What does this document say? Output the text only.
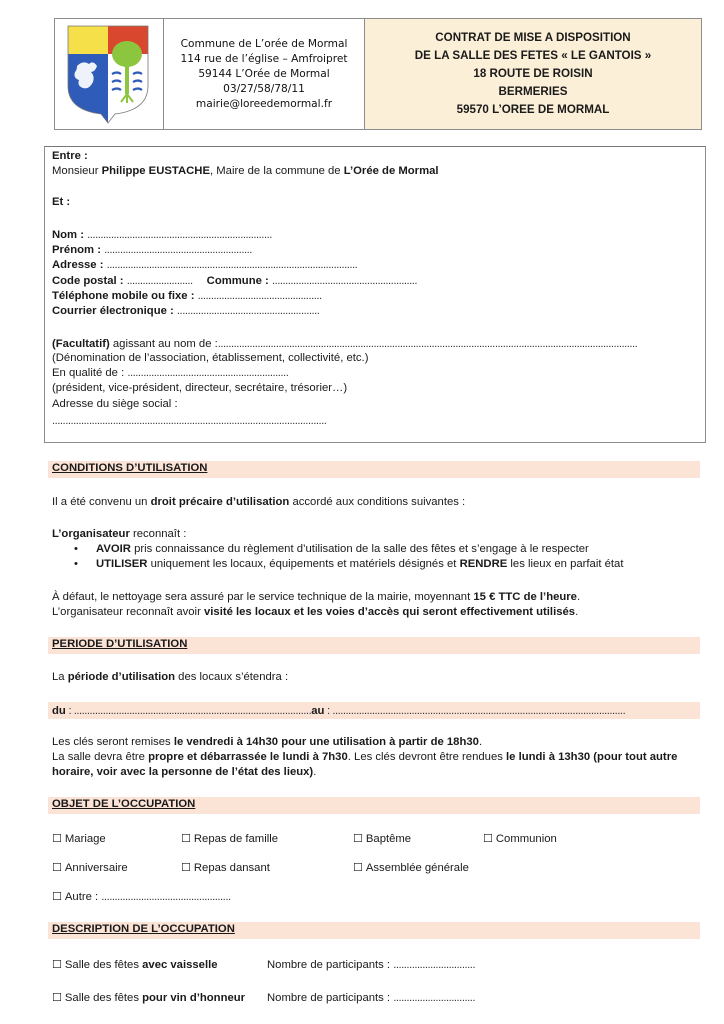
Commune de L’orée de Mormal
114 rue de l’église – Amfroipret
59144 L’Orée de Mormal
03/27/58/78/11
mairie@loreedemormal.fr
CONTRAT DE MISE A DISPOSITION
DE LA SALLE DES FETES « LE GANTOIS »
18 ROUTE DE ROISIN
BERMERIES
59570 L’OREE DE MORMAL
Entre :
Monsieur Philippe EUSTACHE, Maire de la commune de L’Orée de Mormal
Et :
Nom : ......................................................................
Prénom : ........................................................
Adresse : ...............................................................................................
Code postal : ......................... Commune : .......................................................
Téléphone mobile ou fixe : ...............................................
Courrier électronique : ......................................................
(Facultatif) agissant au nom de :...............................................................................................................................................................
(Dénomination de l’association, établissement, collectivité, etc.)
En qualité de : .............................................................
(président, vice-président, directeur, secrétaire, trésorier…)
Adresse du siège social :
........................................................................................................
CONDITIONS D’UTILISATION
Il a été convenu un droit précaire d’utilisation accordé aux conditions suivantes :
L’organisateur reconnaît :
• AVOIR pris connaissance du règlement d’utilisation de la salle des fêtes et s’engage à le respecter
• UTILISER uniquement les locaux, équipements et matériels désignés et RENDRE les lieux en parfait état
À défaut, le nettoyage sera assuré par le service technique de la mairie, moyennant 15 € TTC de l’heure.
L’organisateur reconnaît avoir visité les locaux et les voies d’accès qui seront effectivement utilisés.
PERIODE D’UTILISATION
La période d’utilisation des locaux s’étendra :
du : ..........................................................................................au : ...............................................................................................................
Les clés seront remises le vendredi à 14h30 pour une utilisation à partir de 18h30.
La salle devra être propre et débarrassée le lundi à 7h30. Les clés devront être rendues le lundi à 13h30 (pour tout autre
horaire, voir avec la personne de l’état des lieux).
OBJET DE L’OCCUPATION
☐ Mariage	☐ Repas de famille	☐ Baptême	☐ Communion
☐ Anniversaire	☐ Repas dansant	☐ Assemblée générale
☐ Autre : .................................................
DESCRIPTION DE L’OCCUPATION
☐ Salle des fêtes avec vaisselle	Nombre de participants : ...............................
☐ Salle des fêtes pour vin d’honneur Nombre de participants : ...............................
